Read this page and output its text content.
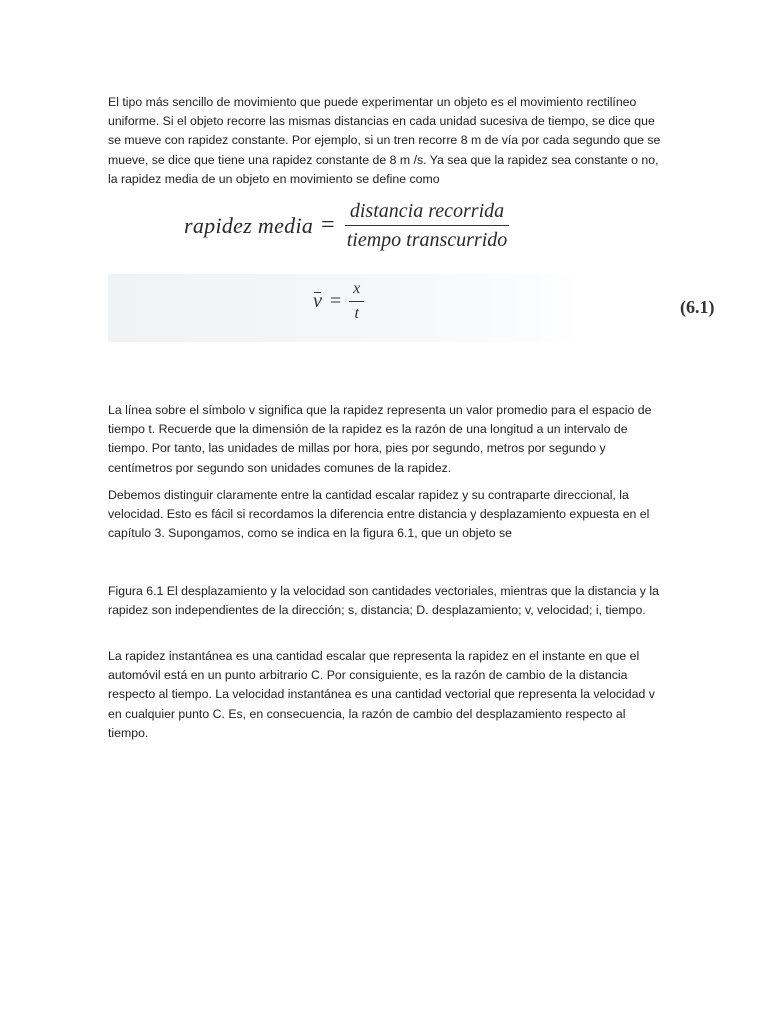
El tipo más sencillo de movimiento que puede experimentar un objeto es el movimiento rectilíneo uniforme. Si el objeto recorre las mismas distancias en cada unidad sucesiva de tiempo, se dice que se mueve con rapidez constante. Por ejemplo, si un tren recorre 8 m de vía por cada segundo que se mueve, se dice que tiene una rapidez constante de 8 m /s. Ya sea que la rapidez sea constante o no, la rapidez media de un objeto en movimiento se define como

rapidez media = $\frac{\text{distancia recorrida}}{\text{tiempo transcurrido}}$
$v = \frac{x}{t}$	(6.1)

La línea sobre el símbolo v significa que la rapidez representa un valor promedio para el espacio de tiempo t. Recuerde que la dimensión de la rapidez es la razón de una longitud a un intervalo de tiempo. Por tanto, las unidades de millas por hora, pies por segundo, metros por segundo y centímetros por segundo son unidades comunes de la rapidez.

Debemos distinguir claramente entre la cantidad escalar rapidez y su contraparte direccional, la velocidad. Esto es fácil si recordamos la diferencia entre distancia y desplazamiento expuesta en el capítulo 3. Supongamos, como se indica en la figura 6.1, que un objeto se

Figura 6.1 El desplazamiento y la velocidad son cantidades vectoriales, mientras que la distancia y la rapidez son independientes de la dirección; s, distancia; D. desplazamiento; v, velocidad; i, tiempo.

La rapidez instantánea es una cantidad escalar que representa la rapidez en el instante en que el automóvil está en un punto arbitrario C. Por consiguiente, es la razón de cambio de la distancia respecto al tiempo. La velocidad instantánea es una cantidad vectorial que representa la velocidad v en cualquier punto C. Es, en consecuencia, la razón de cambio del desplazamiento respecto al tiempo.
